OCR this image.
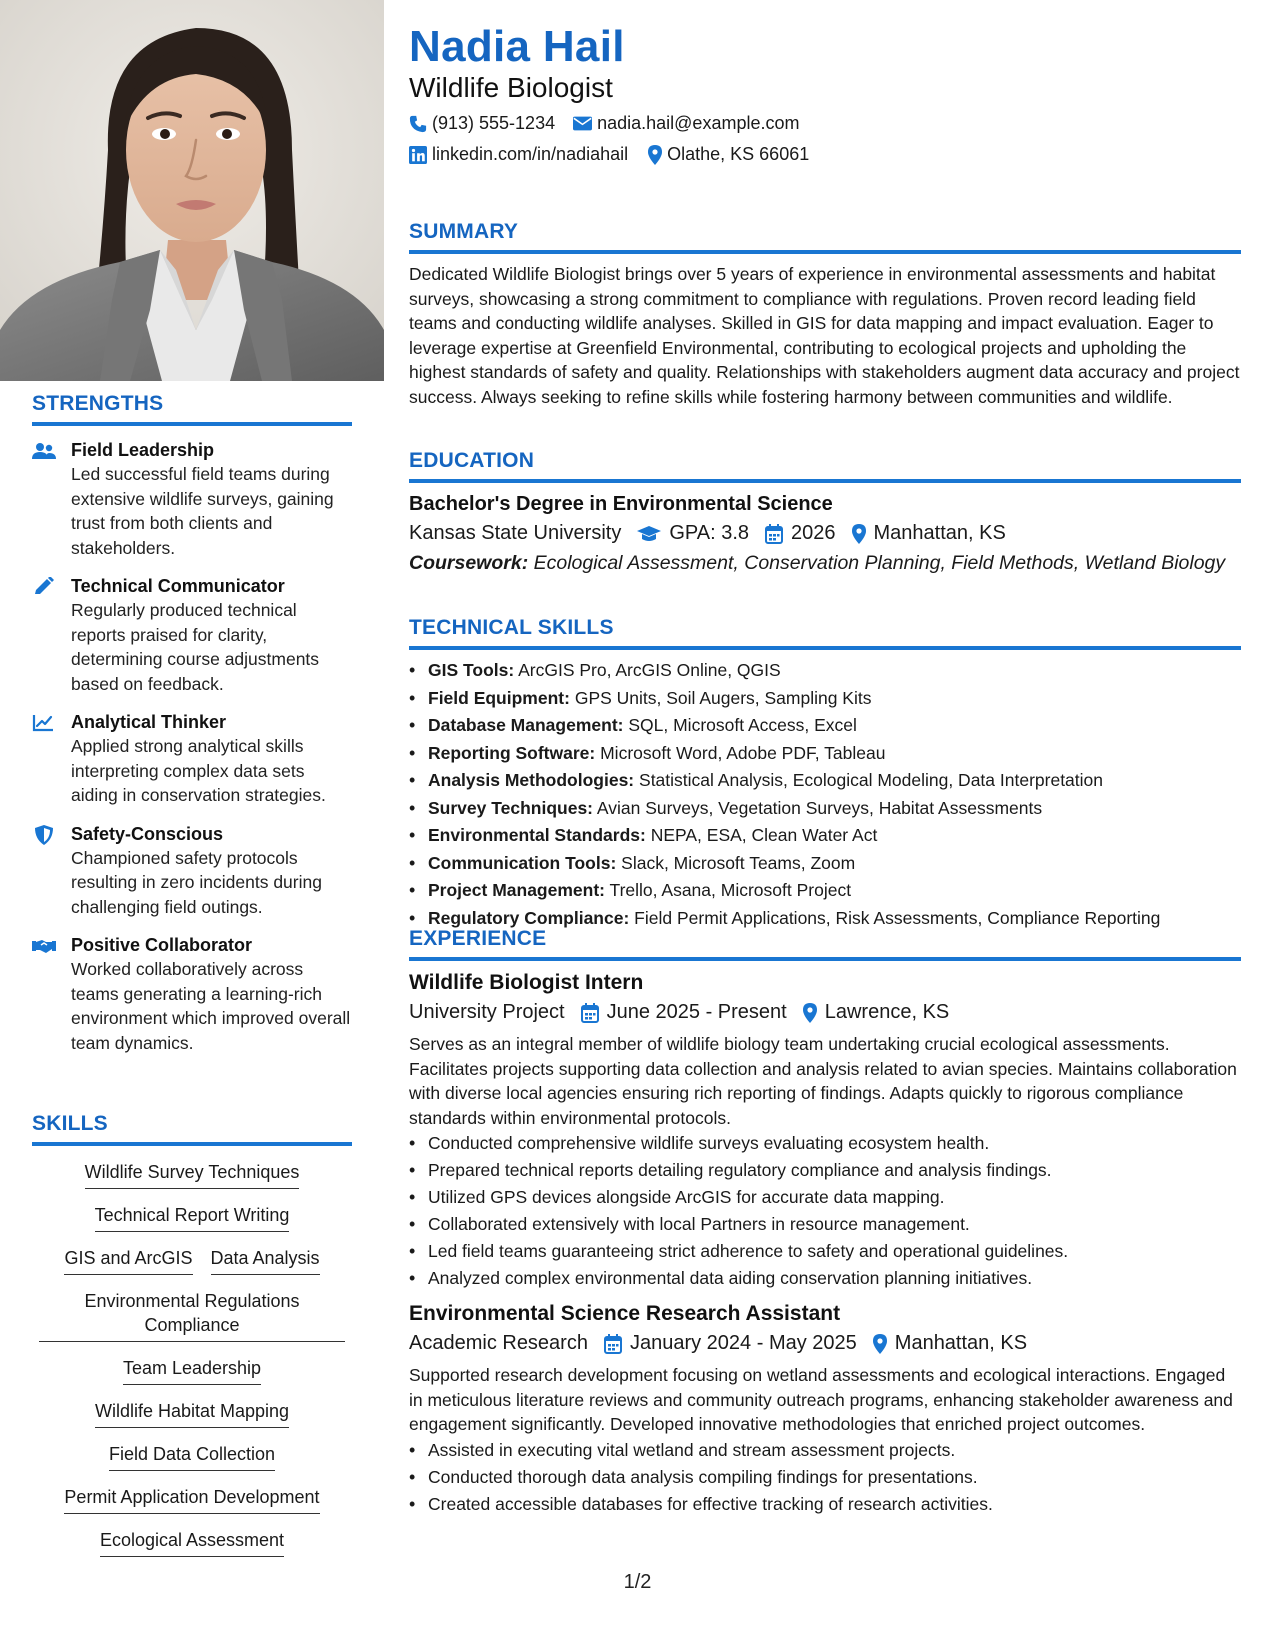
STRENGTHS
Field Leadership
Led successful field teams during extensive wildlife surveys, gaining trust from both clients and stakeholders.
Technical Communicator
Regularly produced technical reports praised for clarity, determining course adjustments based on feedback.
Analytical Thinker
Applied strong analytical skills interpreting complex data sets aiding in conservation strategies.
Safety-Conscious
Championed safety protocols resulting in zero incidents during challenging field outings.
Positive Collaborator
Worked collaboratively across teams generating a learning-rich environment which improved overall team dynamics.
SKILLS
Wildlife Survey Techniques
Technical Report Writing
GIS and ArcGIS Data Analysis
Environmental Regulations Compliance
Team Leadership
Wildlife Habitat Mapping
Field Data Collection
Permit Application Development
Ecological Assessment
Nadia Hail
Wildlife Biologist
(913) 555-1234 nadia.hail@example.com
linkedin.com/in/nadiahail Olathe, KS 66061
SUMMARY
Dedicated Wildlife Biologist brings over 5 years of experience in environmental assessments and habitat surveys, showcasing a strong commitment to compliance with regulations. Proven record leading field teams and conducting wildlife analyses. Skilled in GIS for data mapping and impact evaluation. Eager to leverage expertise at Greenfield Environmental, contributing to ecological projects and upholding the highest standards of safety and quality. Relationships with stakeholders augment data accuracy and project success. Always seeking to refine skills while fostering harmony between communities and wildlife.
EDUCATION
Bachelor's Degree in Environmental Science
Kansas State University GPA: 3.8 2026 Manhattan, KS
Coursework: Ecological Assessment, Conservation Planning, Field Methods, Wetland Biology
TECHNICAL SKILLS
• GIS Tools: ArcGIS Pro, ArcGIS Online, QGIS
• Field Equipment: GPS Units, Soil Augers, Sampling Kits
• Database Management: SQL, Microsoft Access, Excel
• Reporting Software: Microsoft Word, Adobe PDF, Tableau
• Analysis Methodologies: Statistical Analysis, Ecological Modeling, Data Interpretation
• Survey Techniques: Avian Surveys, Vegetation Surveys, Habitat Assessments
• Environmental Standards: NEPA, ESA, Clean Water Act
• Communication Tools: Slack, Microsoft Teams, Zoom
• Project Management: Trello, Asana, Microsoft Project
• Regulatory Compliance: Field Permit Applications, Risk Assessments, Compliance Reporting
EXPERIENCE
Wildlife Biologist Intern
University Project June 2025 - Present Lawrence, KS
Serves as an integral member of wildlife biology team undertaking crucial ecological assessments. Facilitates projects supporting data collection and analysis related to avian species. Maintains collaboration with diverse local agencies ensuring rich reporting of findings. Adapts quickly to rigorous compliance standards within environmental protocols.
• Conducted comprehensive wildlife surveys evaluating ecosystem health.
• Prepared technical reports detailing regulatory compliance and analysis findings.
• Utilized GPS devices alongside ArcGIS for accurate data mapping.
• Collaborated extensively with local Partners in resource management.
• Led field teams guaranteeing strict adherence to safety and operational guidelines.
• Analyzed complex environmental data aiding conservation planning initiatives.
Environmental Science Research Assistant
Academic Research January 2024 - May 2025 Manhattan, KS
Supported research development focusing on wetland assessments and ecological interactions. Engaged in meticulous literature reviews and community outreach programs, enhancing stakeholder awareness and engagement significantly. Developed innovative methodologies that enriched project outcomes.
• Assisted in executing vital wetland and stream assessment projects.
• Conducted thorough data analysis compiling findings for presentations.
• Created accessible databases for effective tracking of research activities.
1/2
